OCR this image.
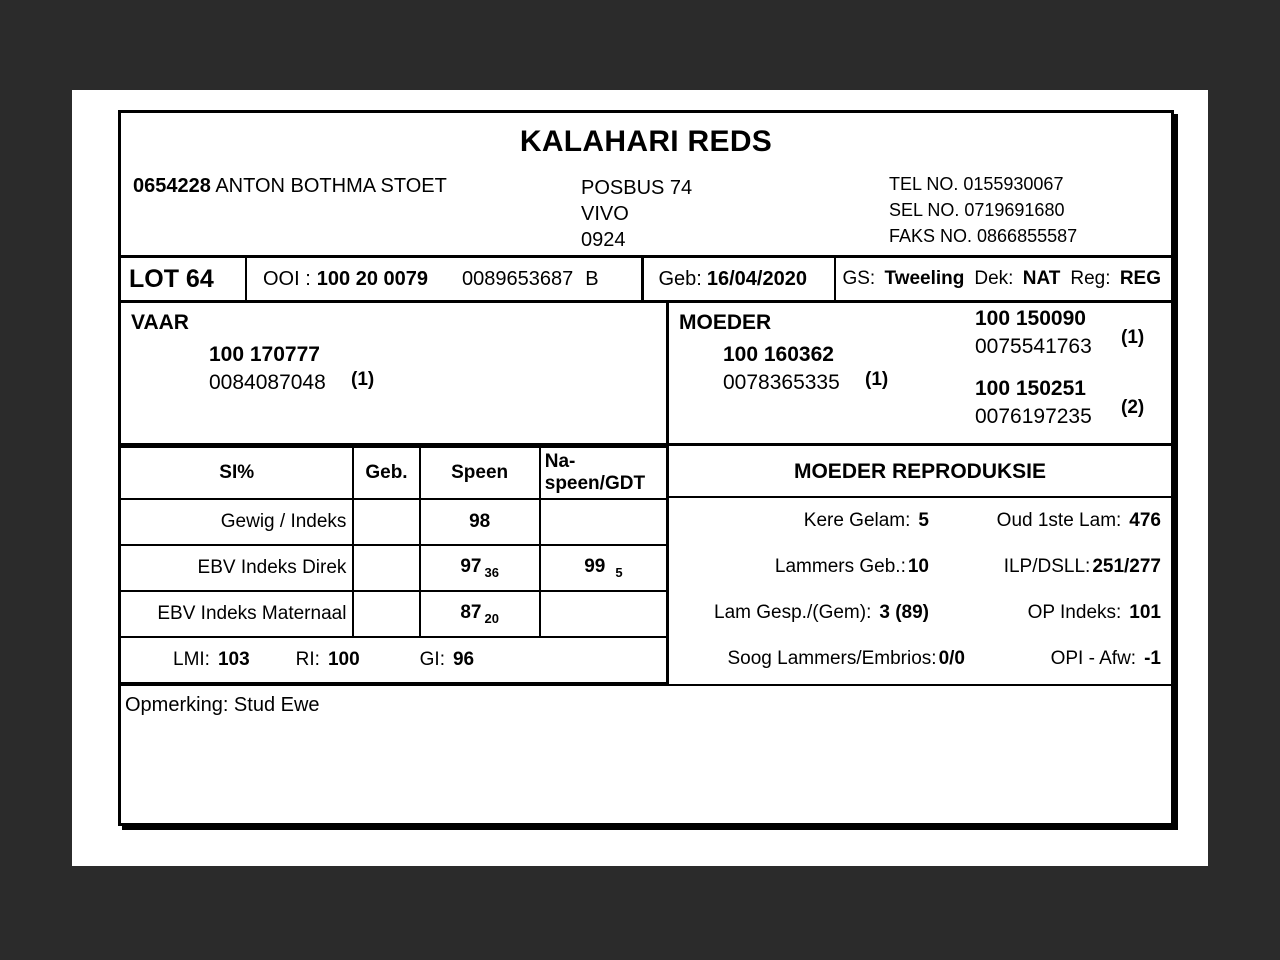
KALAHARI REDS
0654228 ANTON BOTHMA STOET	POSBUS 74
VIVO
0924
TEL NO. 0155930067
SEL NO. 0719691680
FAKS NO. 0866855587
LOT 64	OOI : 100 20 0079 0089653687 B	Geb: 16/04/2020 GS: Tweeling Dek: NAT Reg: REG
VAAR
100 170777
0084087048 (1)
MOEDER
100 160362
0078365335 (1)
100 150090
0075541763 (1)
100 150251
0076197235 (2)
SI%	Geb.	Speen	Na-speen/GDT
Gewig / Indeks		98	
EBV Indeks Direk		97 $_{36}$	99 $_5$
EBV Indeks Maternaal		87 $_{20}$	
LMI: 103 RI: 100	GI: 96
MOEDER REPRODUKSIE
Kere Gelam: 5	Oud 1ste Lam: 476
Lammers Geb.: 10	ILP/DSLL: 251/277
Lam Gesp./(Gem): 3 (89)	OP Indeks: 101
Soog Lammers/Embrios: 0/0	OPI - Afw: -1
Opmerking: Stud Ewe
